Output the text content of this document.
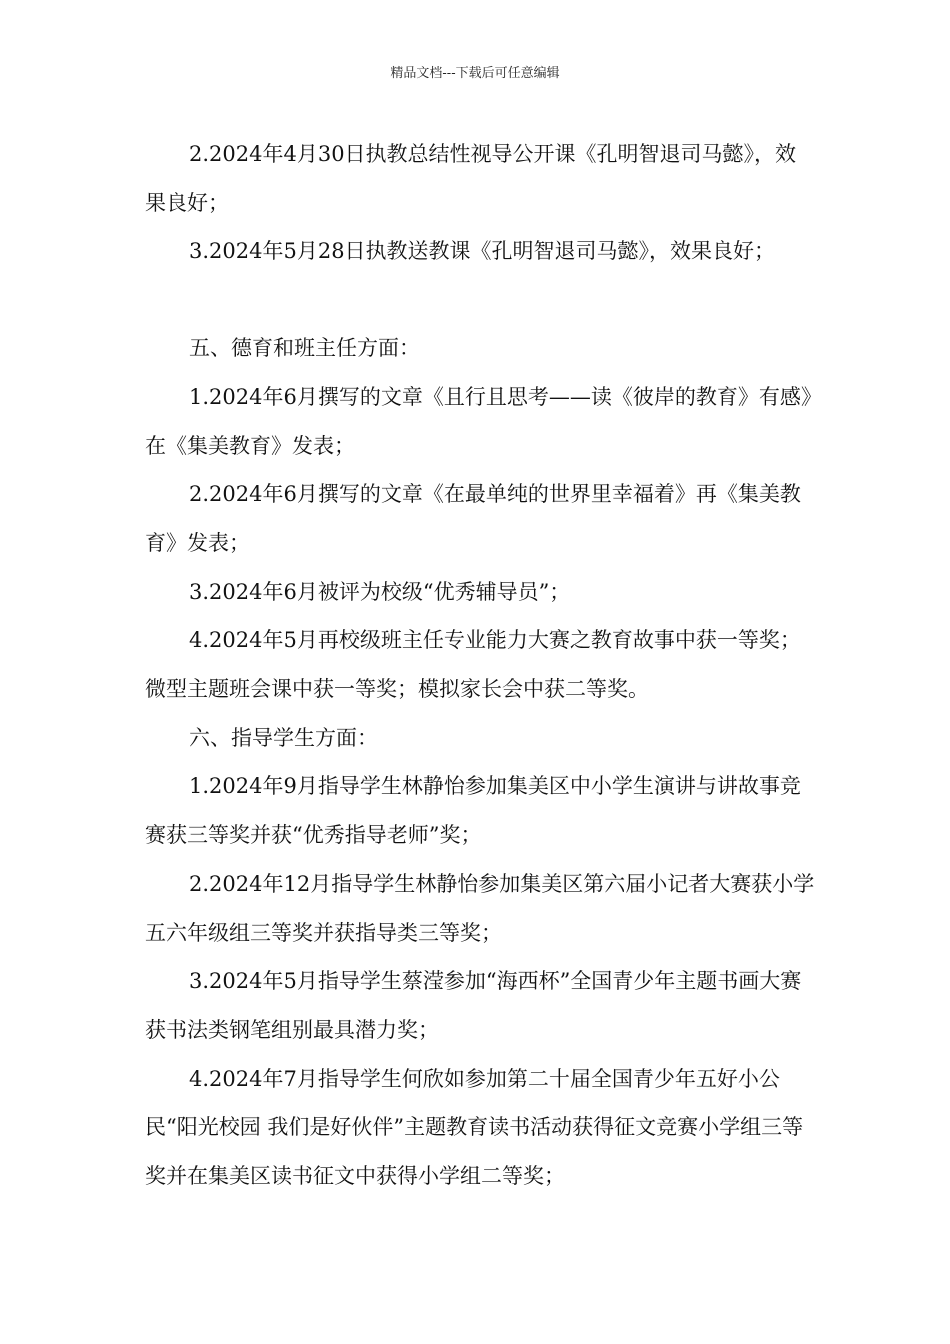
精品文档---下载后可任意编辑

2.2024年4月30日执教总结性视导公开课《孔明智退司马懿》，效果良好；

3.2024年5月28日执教送教课《孔明智退司马懿》，效果良好；

五、德育和班主任方面：

1.2024年6月撰写的文章《且行且思考——读《彼岸的教育》有感》在《集美教育》发表；

2.2024年6月撰写的文章《在最单纯的世界里幸福着》再《集美教育》发表；

3.2024年6月被评为校级“优秀辅导员”；

4.2024年5月再校级班主任专业能力大赛之教育故事中获一等奖；微型主题班会课中获一等奖；模拟家长会中获二等奖。

六、指导学生方面：

1.2024年9月指导学生林静怡参加集美区中小学生演讲与讲故事竞赛获三等奖并获“优秀指导老师”奖；

2.2024年12月指导学生林静怡参加集美区第六届小记者大赛获小学五六年级组三等奖并获指导类三等奖；

3.2024年5月指导学生蔡滢参加“海西杯”全国青少年主题书画大赛获书法类钢笔组别最具潜力奖；

4.2024年7月指导学生何欣如参加第二十届全国青少年五好小公民“阳光校园 我们是好伙伴”主题教育读书活动获得征文竞赛小学组三等奖并在集美区读书征文中获得小学组二等奖；
